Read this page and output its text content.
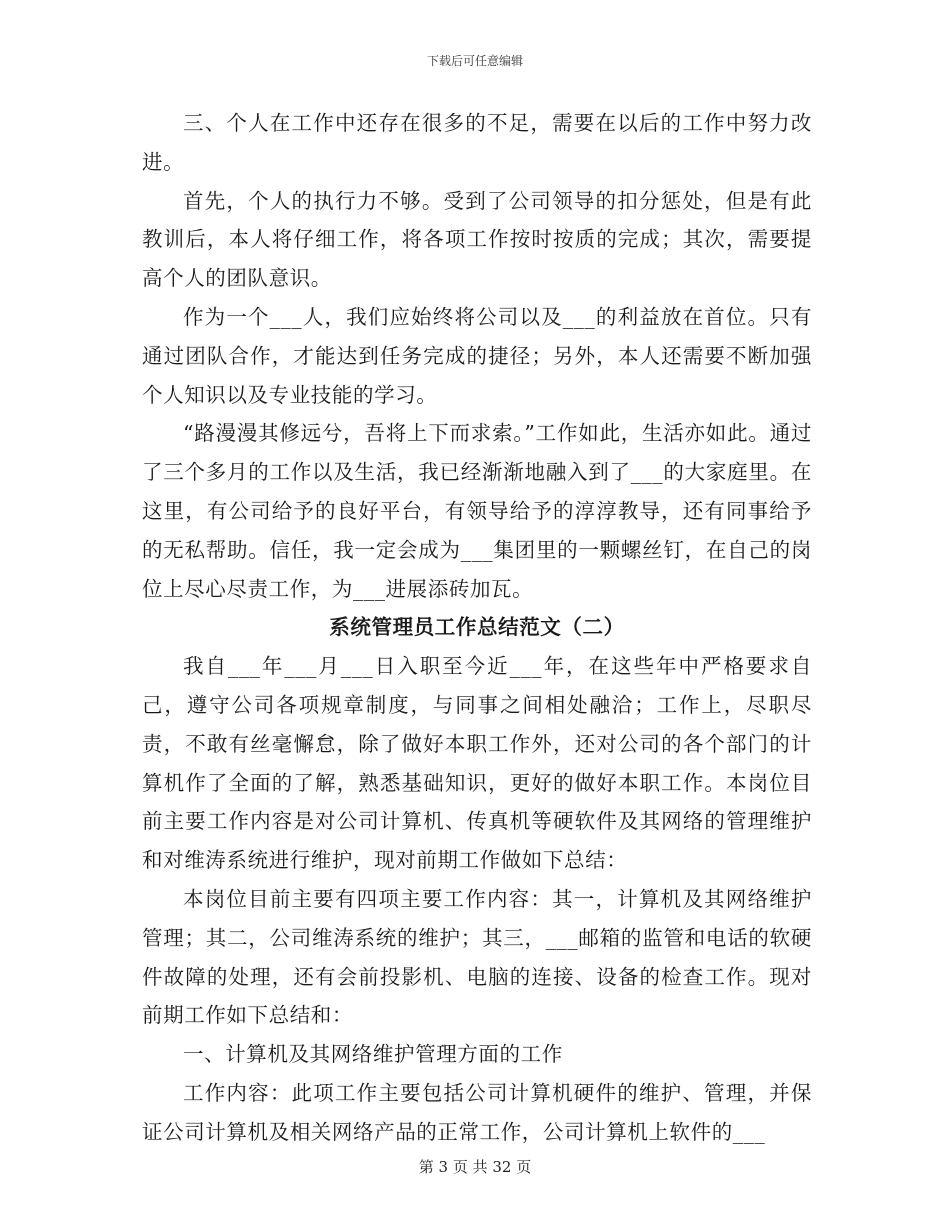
下载后可任意编辑

三、个人在工作中还存在很多的不足，需要在以后的工作中努力改进。

首先，个人的执行力不够。受到了公司领导的扣分惩处，但是有此教训后，本人将仔细工作，将各项工作按时按质的完成；其次，需要提高个人的团队意识。

作为一个___人，我们应始终将公司以及___的利益放在首位。只有通过团队合作，才能达到任务完成的捷径；另外，本人还需要不断加强个人知识以及专业技能的学习。

“路漫漫其修远兮，吾将上下而求索。”工作如此，生活亦如此。通过了三个多月的工作以及生活，我已经渐渐地融入到了___的大家庭里。在这里，有公司给予的良好平台，有领导给予的淳淳教导，还有同事给予的无私帮助。信任，我一定会成为___集团里的一颗螺丝钉，在自己的岗位上尽心尽责工作，为___进展添砖加瓦。

系统管理员工作总结范文（二）

我自___年___月___日入职至今近___年，在这些年中严格要求自己，遵守公司各项规章制度，与同事之间相处融洽；工作上，尽职尽责，不敢有丝毫懈怠，除了做好本职工作外，还对公司的各个部门的计算机作了全面的了解，熟悉基础知识，更好的做好本职工作。本岗位目前主要工作内容是对公司计算机、传真机等硬软件及其网络的管理维护和对维涛系统进行维护，现对前期工作做如下总结：

本岗位目前主要有四项主要工作内容：其一，计算机及其网络维护管理；其二，公司维涛系统的维护；其三，___邮箱的监管和电话的软硬件故障的处理，还有会前投影机、电脑的连接、设备的检查工作。现对前期工作如下总结和：

一、计算机及其网络维护管理方面的工作

工作内容：此项工作主要包括公司计算机硬件的维护、管理，并保证公司计算机及相关网络产品的正常工作，公司计算机上软件的___

第 3 页 共 32 页
